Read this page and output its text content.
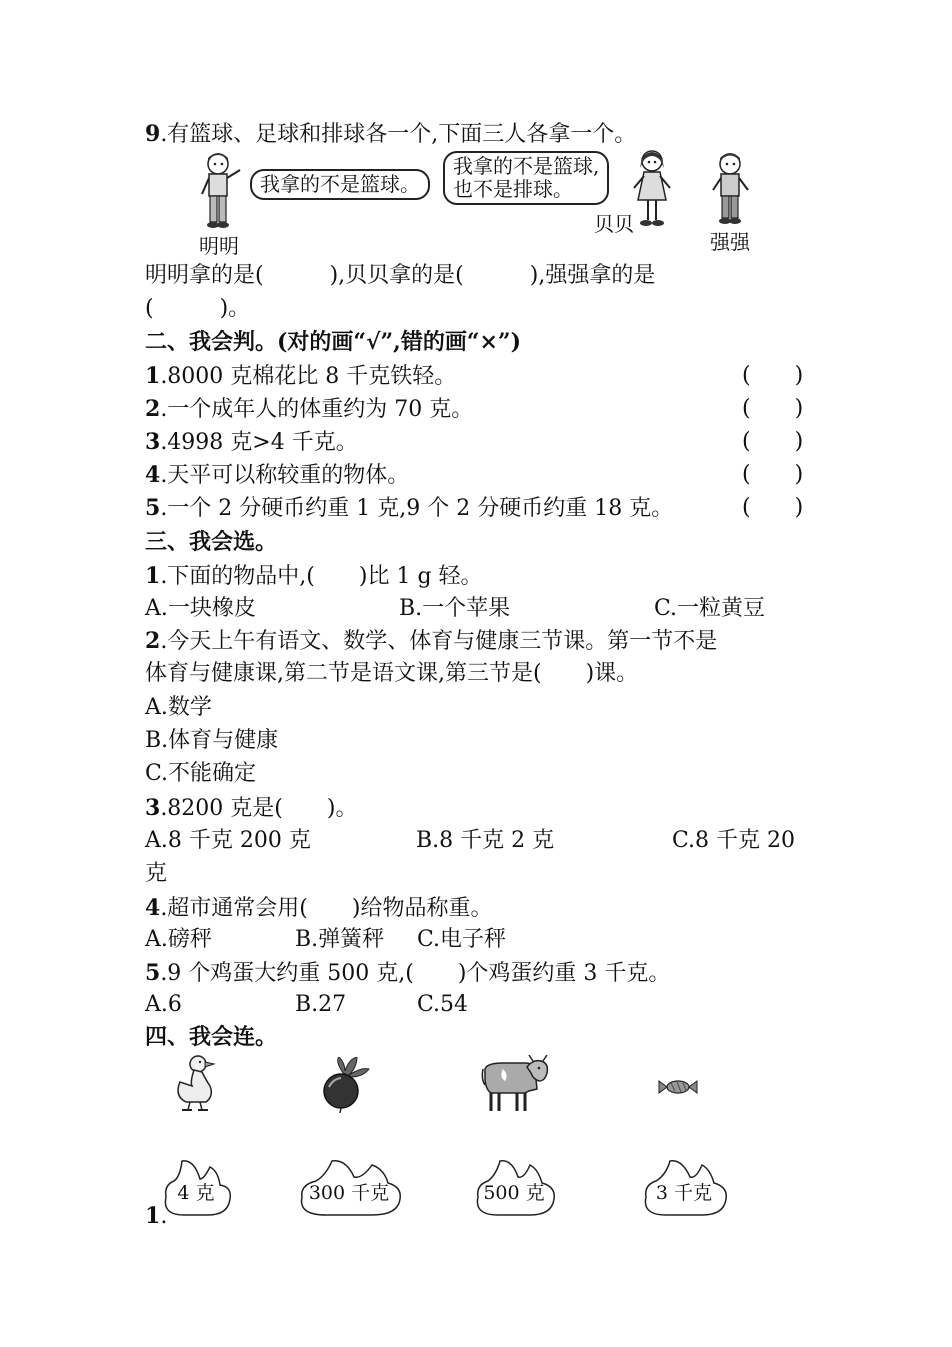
9.有篮球、足球和排球各一个,下面三人各拿一个。
我拿的不是篮球。
明明
我拿的不是篮球,
也不是排球。
贝贝
强强
明明拿的是(　　　),贝贝拿的是(　　　),强强拿的是
(　　　)。
二、我会判。(对的画“√”,错的画“×”)
1.8000 克棉花比 8 千克铁轻。	(　　)
2.一个成年人的体重约为 70 克。	(　　)
3.4998 克>4 千克。	(　　)
4.天平可以称较重的物体。	(　　)
5.一个 2 分硬币约重 1 克,9 个 2 分硬币约重 18 克。	(　　)
三、我会选。
1.下面的物品中,(　　)比 1 g 轻。
A.一块橡皮	B.一个苹果	C.一粒黄豆
2.今天上午有语文、数学、体育与健康三节课。第一节不是
体育与健康课,第二节是语文课,第三节是(　　)课。
A.数学
B.体育与健康
C.不能确定
3.8200 克是(　　)。
A.8 千克 200 克	B.8 千克 2 克	C.8 千克 20
克
4.超市通常会用(　　)给物品称重。
A.磅秤	B.弹簧秤 C.电子秤
5.9 个鸡蛋大约重 500 克,(　　)个鸡蛋约重 3 千克。
A.6	B.27	C.54
四、我会连。
4 克	300 千克	500 克	3 千克
1.
